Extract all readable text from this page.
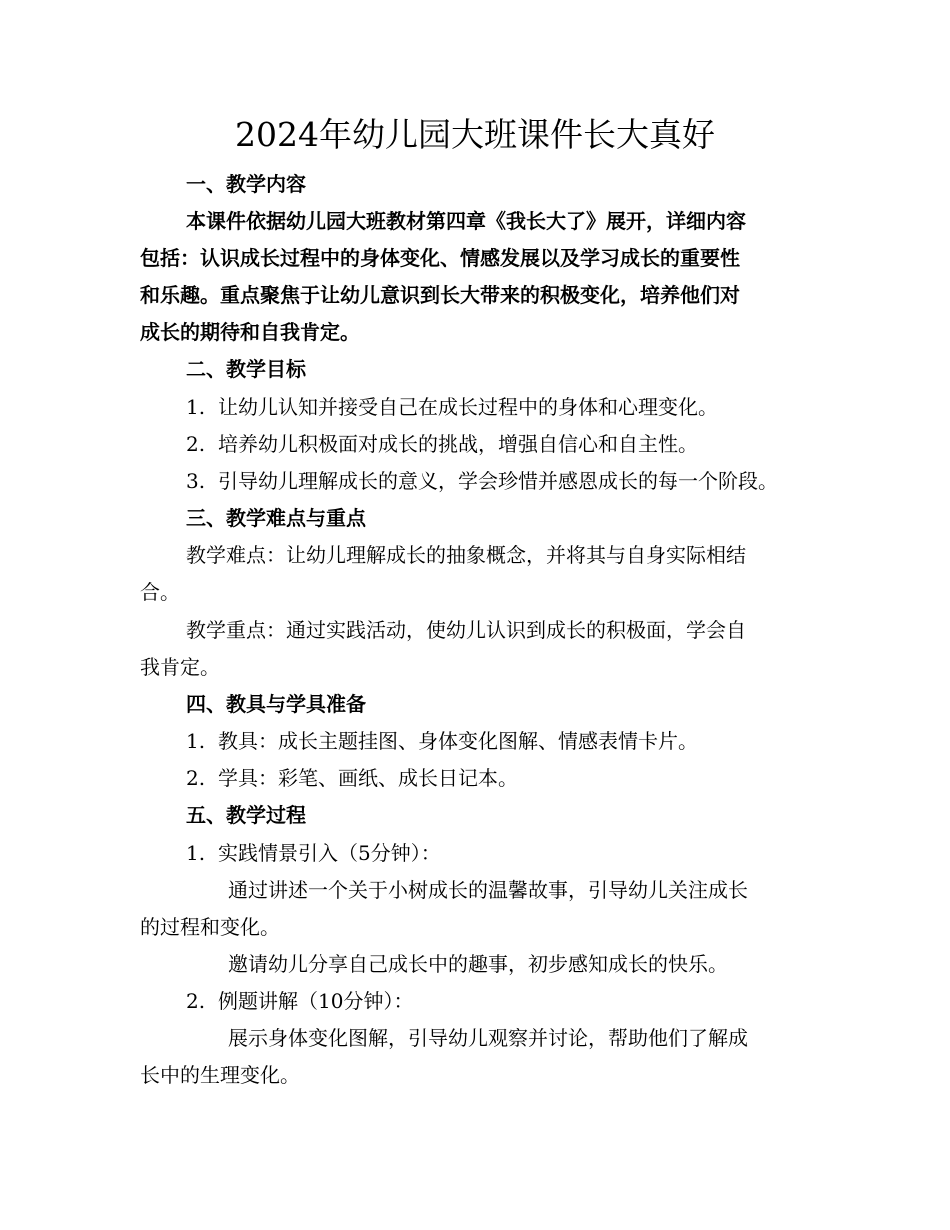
2024年幼儿园大班课件长大真好
一、教学内容
本课件依据幼儿园大班教材第四章《我长大了》展开，详细内容
包括：认识成长过程中的身体变化、情感发展以及学习成长的重要性
和乐趣。重点聚焦于让幼儿意识到长大带来的积极变化，培养他们对
成长的期待和自我肯定。
二、教学目标
1. 让幼儿认知并接受自己在成长过程中的身体和心理变化。
2. 培养幼儿积极面对成长的挑战，增强自信心和自主性。
3. 引导幼儿理解成长的意义，学会珍惜并感恩成长的每一个阶段。
三、教学难点与重点
教学难点：让幼儿理解成长的抽象概念，并将其与自身实际相结
合。
教学重点：通过实践活动，使幼儿认识到成长的积极面，学会自
我肯定。
四、教具与学具准备
1. 教具：成长主题挂图、身体变化图解、情感表情卡片。
2. 学具：彩笔、画纸、成长日记本。
五、教学过程
1. 实践情景引入（5分钟）：
通过讲述一个关于小树成长的温馨故事，引导幼儿关注成长
的过程和变化。
邀请幼儿分享自己成长中的趣事，初步感知成长的快乐。
2. 例题讲解（10分钟）：
展示身体变化图解，引导幼儿观察并讨论，帮助他们了解成
长中的生理变化。
